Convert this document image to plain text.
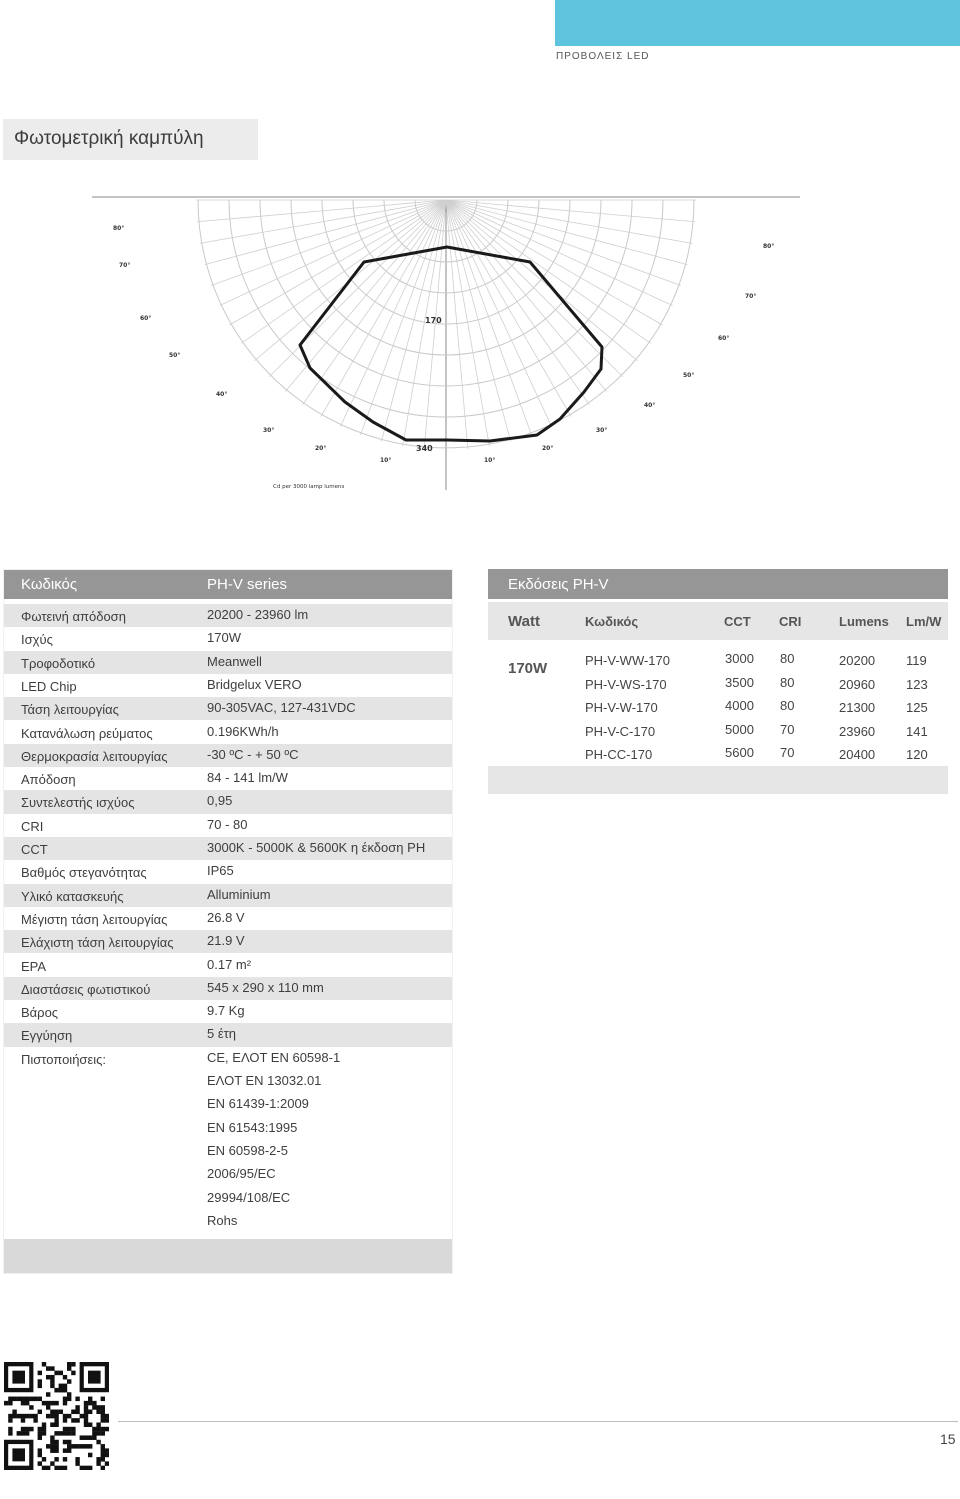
ΠΡΟΒΟΛΕΙΣ LED
Φωτομετρική καμπύλη
80°
70°
60°
50°
40°
30°
20°
10°
80°
70°
60°
50°
40°
30°
20°
10°
170
340
Cd per 3000 lamp lumens
Κωδικός	PH-V series
Φωτεινή απόδοση	20200 - 23960 lm
Ισχύς	170W
Τροφοδοτικό	Meanwell
LED Chip	Bridgelux VERO
Τάση λειτουργίας	90-305VAC, 127-431VDC
Κατανάλωση ρεύματος	0.196KWh/h
Θερμοκρασία λειτουργίας	-30 ºC - + 50 ºC
Απόδοση	84 - 141 lm/W
Συντελεστής ισχύος	0,95
CRI	70 - 80
CCT	3000K - 5000K & 5600K η έκδοση PH
Βαθμός στεγανότητας	IP65
Υλικό κατασκευής	Alluminium
Μέγιστη τάση λειτουργίας	26.8 V
Ελάχιστη τάση λειτουργίας	21.9 V
EPA	0.17 m²
Διαστάσεις φωτιστικού	545 x 290 x 110 mm
Βάρος	9.7 Kg
Εγγύηση	5 έτη
Πιστοποιήσεις:	CE, ΕΛΟΤ EN 60598-1
ΕΛΟΤ EN 13032.01
EN 61439-1:2009
EN 61543:1995
EN 60598-2-5
2006/95/EC
29994/108/EC
Rohs
Εκδόσεις PH-V
Watt	Κωδικός	CCT CRI	Lumens Lm/W
170W	PH-V-WW-170	3000 80	20200 119
PH-V-WS-170	3500 80	20960 123
PH-V-W-170	4000 80	21300 125
PH-V-C-170	5000 70	23960 141
PH-CC-170	5600 70	20400 120
15
